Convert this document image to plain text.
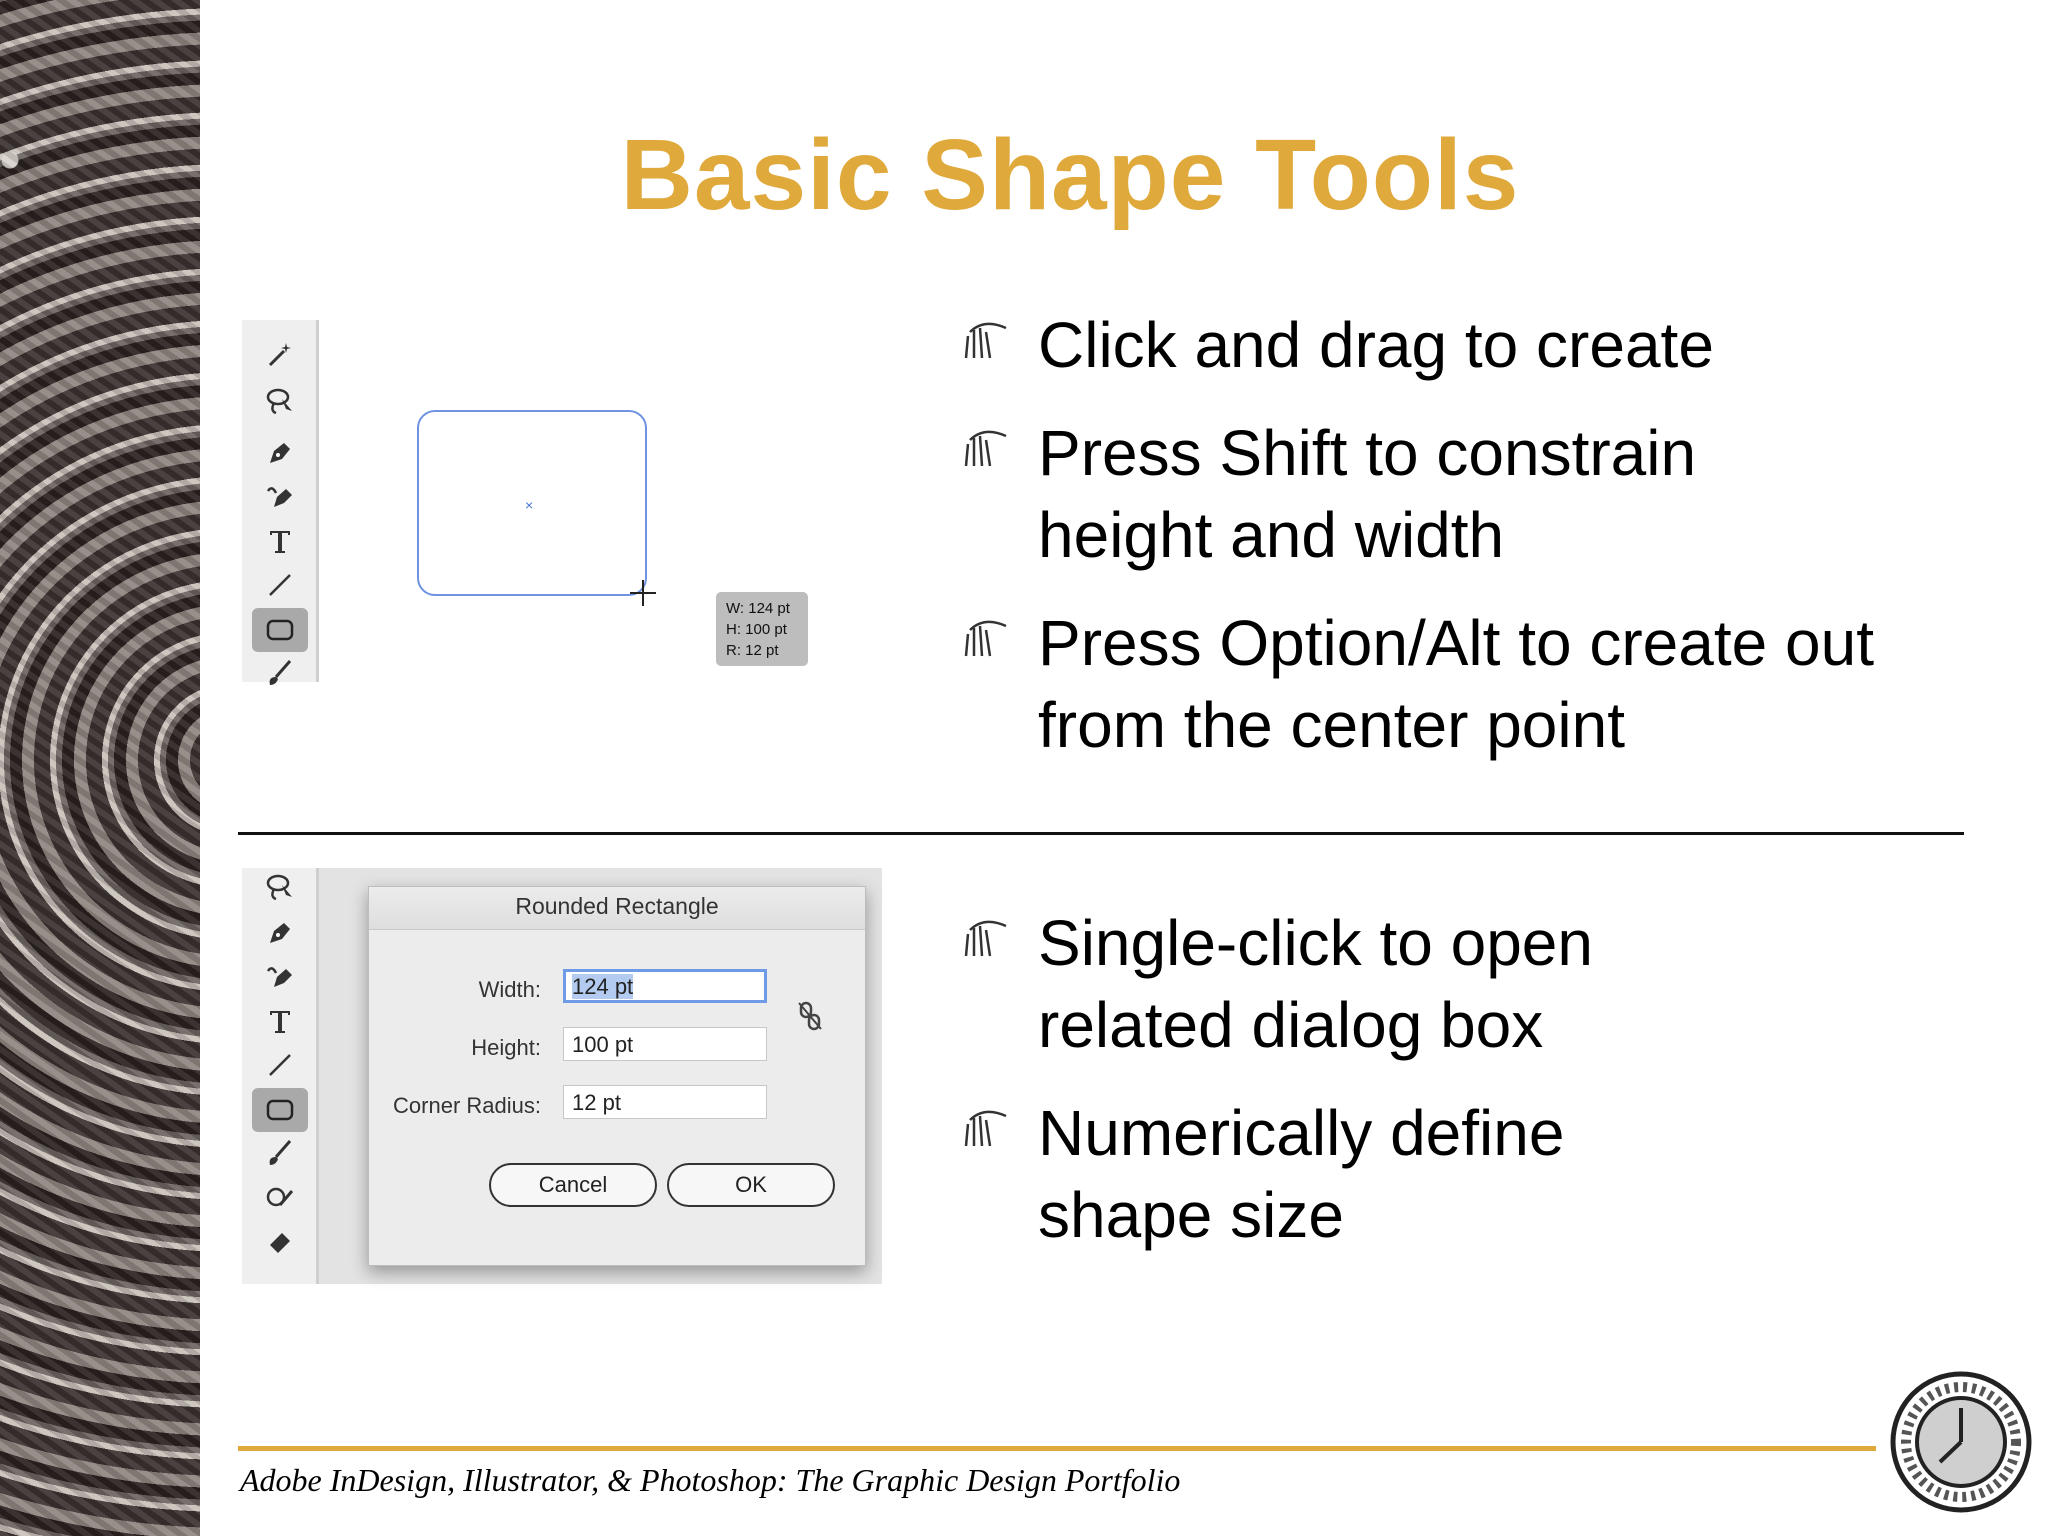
Basic Shape Tools
×
W: 124 pt
H: 100 pt
R: 12 pt
Click and drag to create
Press Shift to constrain height and width
Press Option/Alt to create out from the center point
Rounded Rectangle
Width:	124 pt
Height:	100 pt
Corner Radius:	12 pt
Cancel	OK
Single-click to open related dialog box
Numerically define shape size
Adobe InDesign, Illustrator, & Photoshop: The Graphic Design Portfolio
